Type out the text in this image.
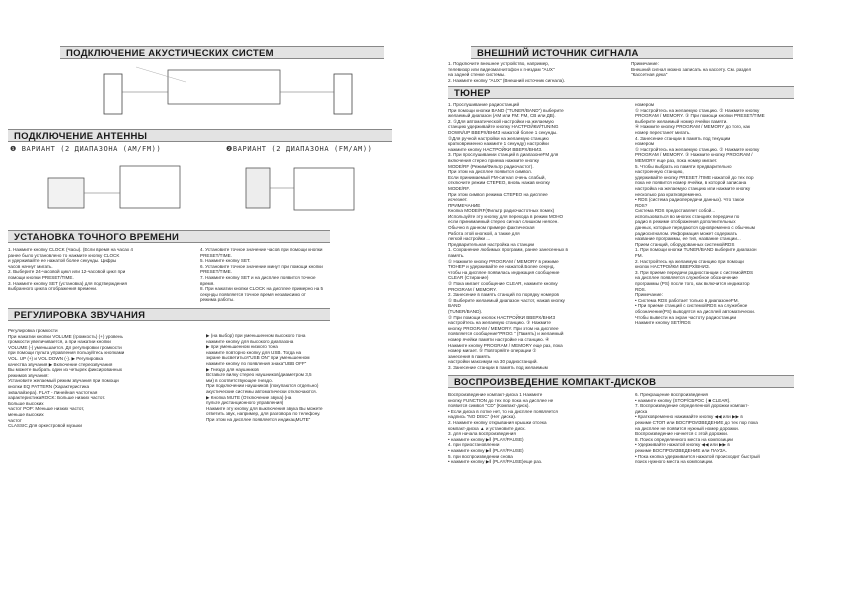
ПОДКЛЮЧЕНИЕ АКУСТИЧЕСКИХ СИСТЕМ
ПОДКЛЮЧЕНИЕ АНТЕННЫ
❶ ВАРИАНТ (2 ДИАПАЗОНА (АМ/FM))	❷ВАРИАНТ (2 ДИАПАЗОНА (FM/AM))
УСТАНОВКА ТОЧНОГО ВРЕМЕНИ
1. Нажмите кнопку CLOCK (Часы). (Если время на часах 4
ранее было установлено то нажмите кнопку CLOCK
и удерживайте ее нажатой более секунды. Цифры
часов начнут мигать.
2. Выберите 24-часовой цикл или 12-часовой цикл при
помощи кнопки PRESET/TIME.
3. Нажмите кнопку SET (установка) для подтверждения
выбранного цикла отображения времени.
4. Установите точное значение часов при помощи кнопки
PRESET/TIME.
5. Нажмите кнопку SET.
6. Установите точное значение минут при помощи кнопки
PRESET/TIME.
7. Нажмите кнопку SET и на дисплее появится точное
время.
8. При нажатии кнопки CLOCK на дисплее примерно на 5
секунды появляется точное время независимо от
режима работы.
РЕГУЛИРОВКА ЗВУЧАНИЯ
Регулировка громкости
При нажатии кнопки VOLUME (громкость) (+) уровень
громкости увеличивается, а при нажатии кнопки
VOLUME (-) уменьшается. Дл регулировки громкости
при помощи пульта управления пользуйтесь кнопками
VOL. UP (+) и VOL DOWN (-). ▶ Регулировка
качества звучания ▶ Включение стереозвучания
Вы можете выбрать один из четырех фиксированных
режимов звучания:
Установите желаемый режим звучания при помощи
кнопки EQ PATTERN (Характеристика
эквалайзера). FLAT - Линейная частотная
характеристикаROCK: Больше низких частот.
Больше высоких
частот POP: Меньше низких частот,
меньше высоких
частот
CLASSIC Для оркестровой музыки
▶ (на выбор) при уменьшенном высокого тона
нажмите кнопку для высокого диапазона
▶ при уменьшенном низкого тона
нажмите повторно кнопку для USB. Тогда на
экране высветиться"USB ON" при уменьшенном
нажмите кнопку по появления знака"UBB OFF"
▶ Гнездо для наушников
Вставьте вилку стерео наушников(диаметром 3,5
мм) в соответствующее гнездо.
При подключении наушников (покупаются отдельно)
акустические системы автоматически отключаются.
▶ Кнопка MUTE (Отключение звука) (на
пульте дистанционного управления)
Нажмите эту кнопку для выключения звука Вы можете
ответить звук, например, для разговора по телефону.
При этом на дисплее появляется индикацMUTE"
ВНЕШНИЙ ИСТОЧНИК СИГНАЛА
1. Подключите внешнее устройство, например,
телевизор или видеомагнитофон к гнездам "AUX"
на задней стенке системы.
2. Нажмите кнопку "AUX" (Внешний источник сигнала).
Примечание:
Внешний сигнал можно записать на кассету. См. раздел
"Кассетная дека"
ТЮНЕР
1. Прослушивание радиостанций
При помощи кнопки BAND ("TUNER/BAND") выберите
желаемый диапазон (AM или FM: FM, CB или ДВ).
2. ①Для автоматической настройки на желаемую
станцию удерживайте кнопку НАСТРОЙКИ/TUNING
DOWN/UP ВВЕРХ/ВНИЗ нажатой более 1 секунды.
②Для ручной настройки на желаемую станцию
кратковременно нажмите 1 секунду) настройки
нажмите кнопку НАСТРОЙКИ ВВЕРХ/ВНИЗ.
3. При прослушивании станций в диапазонеFM для
включения стерео приема нажмите кнопку
MODE/RF (Режим/Фильтр радиочастот).
При этом на дисплее появится символ.
Если принимаемый FM-сигнал очень слабый,
отключите режим СТЕРЕО, вновь нажав кнопку
MODE/RF.
При этом символ режима СТЕРЕО на дисплее
исчезнет.
ПРИМЕЧАНИЕ
Кнопка MODE/RF(Фильтр радиочастотных помех)
Используйте эту кнопку для перехода в режим МОНО
если принимаемый стерео сигнал слишком неясен.
Обычно в данном примере фактическая
Работа этой кнопкой, а также для
легкой настройки ...
Предварительная настройка на станции
1. Сохранение любимых программ, ранее занесенных в
память.
① Нажмите кнопку PROGRAM / MEMORY в режиме
ТЮНЕР и удерживайте ее нажатой.Более секунд.
чтобы на дисплее появилась индикация сообщение
CLEAR (Стирание)
② Пока мигает сообщение CLEAR, нажмите кнопку
PROGRAM / MEMORY.
2. Занесение в память станций по порядку номеров
① Выберите желаемый диапазон частот, нажав кнопку
BAND
(TUNER/BAND).
② При помощи кнопок НАСТРОЙКИ ВВЕРХ/ВНИЗ
настройтесь на желаемую станцию. ③ Нажмите
кнопку PROGRAM / MEMORY. При этом на дисплее
появляется сообщение"PROG " (Память) и желаемый
номер ячейки памяти настройке на станцию. ④
Нажмите кнопку PROGRAM / MEMORY еще раз, пока
номер мигает. ⑤ Повторяйте операции ①
занесения в память
настройки максимум на 30 радиостанций.
3. Занесение станции в память под желаемым
номером
① Настройтесь на желаемую станцию. ② Нажмите кнопку
PROGRAM / MEMORY. ③ При помощи кнопки PRESET/TIME
выберите желаемый номер ячейки памяти.
④ Нажмите кнопку PROGRAM / MEMORY до того, как
номер перестанет мигать.
4. Занесение станции в память под текущим
номером
① Настройтесь на желаемую станцию. ② Нажмите кнопку
PROGRAM / MEMORY. ③ Нажмите кнопку PROGRAM /
MEMORY еще раз, пока номер мигает.
5. Чтобы выбрать из памяти предварительно
настроенную станцию,
удерживайте кнопку PRESET /TIME нажатой до тех пор
пока не появится номер ячейки, в которой записана
настройка на желаемую станцию или нажмите кнопку
несколько раз кратковременно.
• RDS (система радиопередачи данных). Что такое
RDS?
Система RDS предоставляет собой...
использоваться во многих станциях передачи по
радио в режиме отображения дополнительных
данных, которые передаются одновременно с обычным
радиосигналом. Информация может содержать
название программы, ее тип, название станции...
Прием станций, оборудованных системойRDS
1. При помощи кнопки TUNER/BAND выберите диапазон
FM.
2. Настройтесь на желаемую станцию при помощи
кнопок НАСТРОЙКИ ВВЕРХ/ВНИЗ.
3. При приеме передачи радиостанции с системойRDS
на дисплее появляется служебное обозначение
программы (PS) после того, как включится индикатор
RDS.
Примечание:
• Система RDS работает только в диапазонеFM.
• При приеме станций с системойRDS на служебное
обозначение(PS) выводятся на дисплей автоматически.
Чтобы вывести на экран частоту радиостанции
Нажмите кнопку SET/RDS
ВОСПРОИЗВЕДЕНИЕ КОМПАКТ-ДИСКОВ
Воспроизведение компакт-диска 1 Нажмите
кнопку FUNCTION до тех пор пока на дисплее не
появится символ "CD" (Компакт-диск).
• Если диска в лотке нет, то на дисплее появляется
надпись "NO DISC" (Нет диска).
2. Нажмите кнопку открывания крышки отсека
компакт-диска ▲ и установите диск.
3. для начала воспроизведения
• нажмите кнопку ▶‖ (PLAY/PAUSE)
4. при приостановлении
• нажмите кнопку ▶‖ (PLAY/PAUSE)
5. при воспроизведении снова
• нажмите кнопку ▶‖ (PLAY/PAUSE)еще раз.
6. Прекращение воспроизведения
• нажмите кнопку (STOP/СБРОС ( ■ CLEAR).
7. Воспроизведение определенной дорожки компакт-
диска
• Кратковременно нажимайте кнопку ◀◀ или ▶▶ в
режиме СТОП или ВОСПРОИЗВЕДЕНИЕ до тех пор пока
на дисплее не появится нужный номер дорожки.
Воспроизведение начнется с этой дорожки.
8. Поиск определенного места на композиции
• Удерживайте нажатой кнопку ◀◀ или ▶▶ в
режиме ВОСПРОИЗВЕДЕНИЕ или ПАУЗА.
• Пока кнопка удерживается нажатой происходит быстрый
поиск нужного места на композиции.
